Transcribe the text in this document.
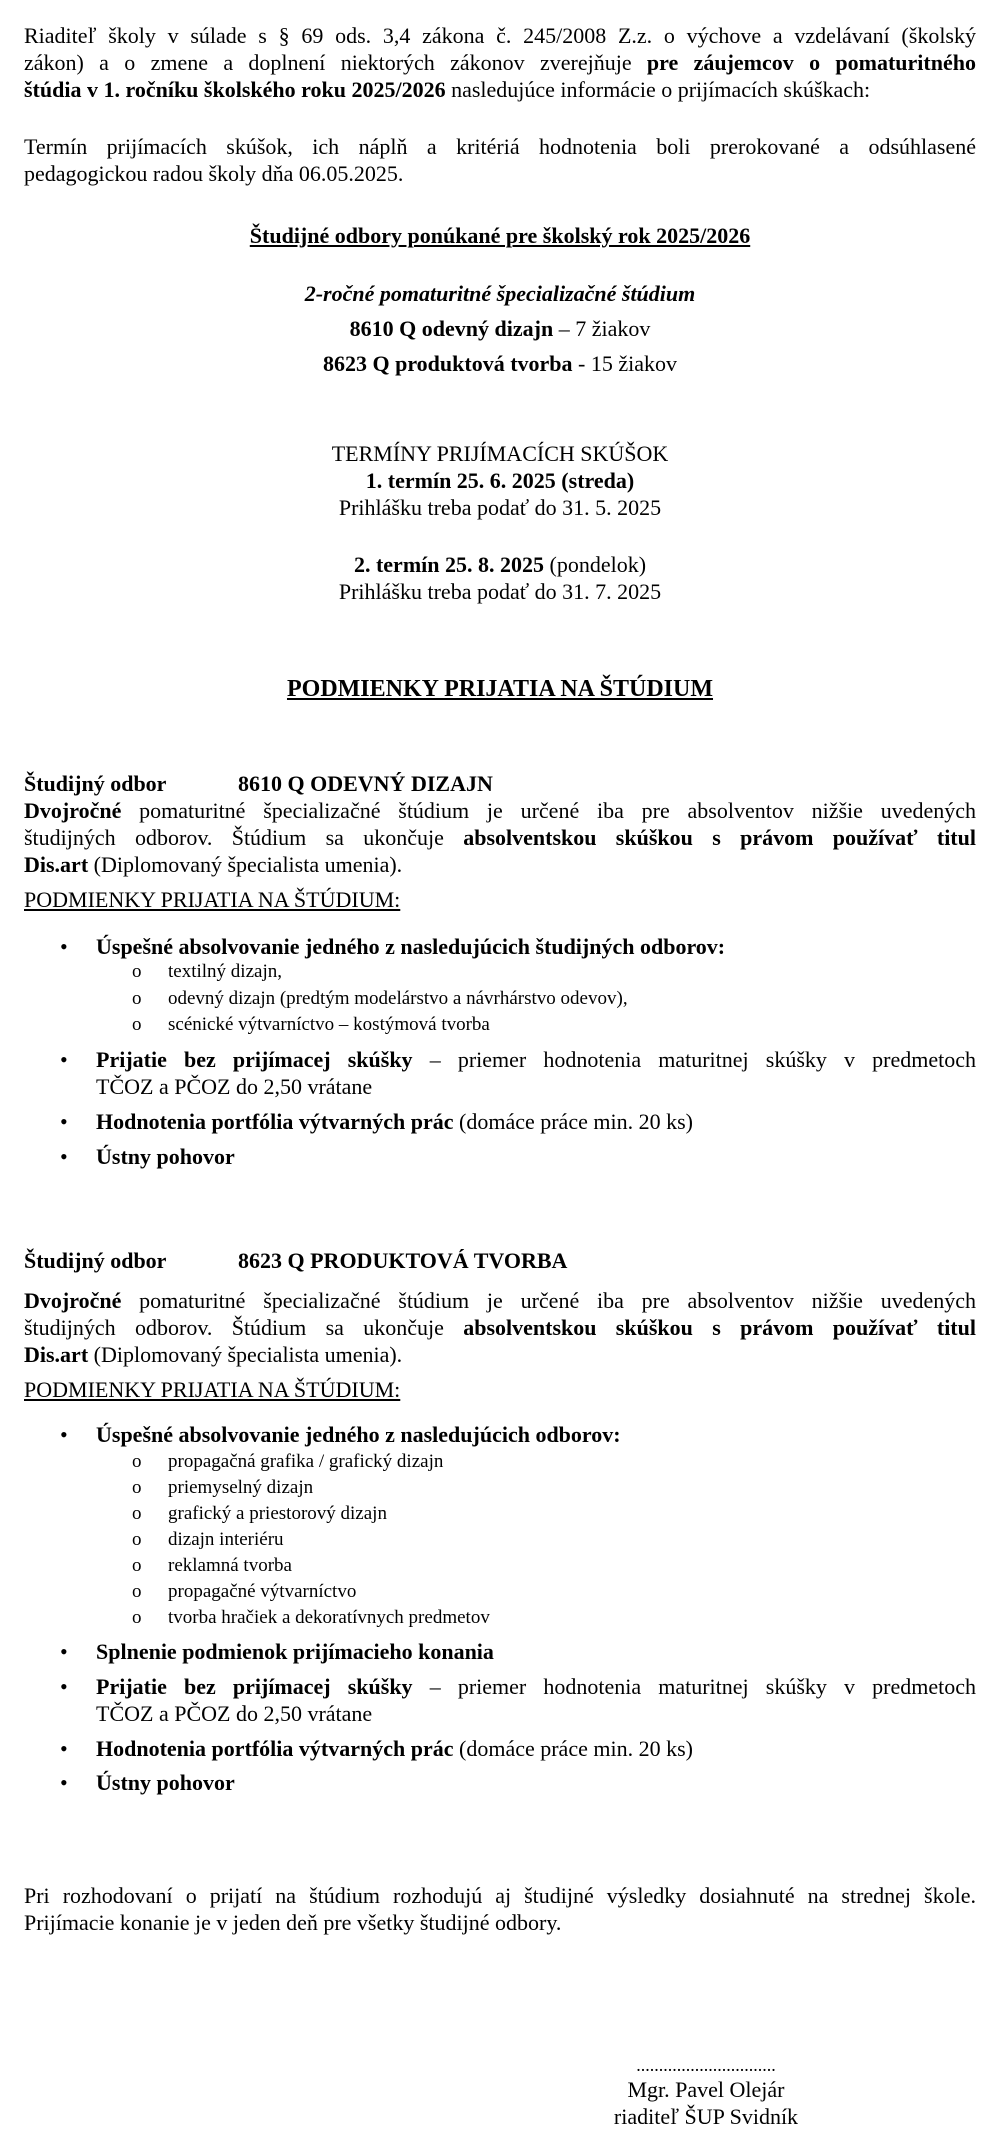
Riaditeľ školy v súlade s § 69 ods. 3,4 zákona č. 245/2008 Z.z. o výchove a vzdelávaní (školský
zákon) a o zmene a doplnení niektorých zákonov zverejňuje pre záujemcov o pomaturitného
štúdia v 1. ročníku školského roku 2025/2026 nasledujúce informácie o prijímacích skúškach:
Termín prijímacích skúšok, ich náplň a kritériá hodnotenia boli prerokované a odsúhlasené
pedagogickou radou školy dňa 06.05.2025.
Študijné odbory ponúkané pre školský rok 2025/2026
2-ročné pomaturitné špecializačné štúdium
8610 Q odevný dizajn – 7 žiakov
8623 Q produktová tvorba - 15 žiakov
TERMÍNY PRIJÍMACÍCH SKÚŠOK
1. termín 25. 6. 2025 (streda)
Prihlášku treba podať do 31. 5. 2025
2. termín 25. 8. 2025 (pondelok)
Prihlášku treba podať do 31. 7. 2025
PODMIENKY PRIJATIA NA ŠTÚDIUM
Študijný odbor	8610 Q ODEVNÝ DIZAJN
Dvojročné pomaturitné špecializačné štúdium je určené iba pre absolventov nižšie uvedených
študijných odborov. Štúdium sa ukončuje absolventskou skúškou s právom používať titul
Dis.art (Diplomovaný špecialista umenia).
PODMIENKY PRIJATIA NA ŠTÚDIUM:
• Úspešné absolvovanie jedného z nasledujúcich študijných odborov:
o textilný dizajn,
o odevný dizajn (predtým modelárstvo a návrhárstvo odevov),
o scénické výtvarníctvo – kostýmová tvorba
• Prijatie bez prijímacej skúšky – priemer hodnotenia maturitnej skúšky v predmetoch
TČOZ a PČOZ do 2,50 vrátane
• Hodnotenia portfólia výtvarných prác (domáce práce min. 20 ks)
• Ústny pohovor
Študijný odbor	8623 Q PRODUKTOVÁ TVORBA
Dvojročné pomaturitné špecializačné štúdium je určené iba pre absolventov nižšie uvedených
študijných odborov. Štúdium sa ukončuje absolventskou skúškou s právom používať titul
Dis.art (Diplomovaný špecialista umenia).
PODMIENKY PRIJATIA NA ŠTÚDIUM:
• Úspešné absolvovanie jedného z nasledujúcich odborov:
o propagačná grafika / grafický dizajn
o priemyselný dizajn
o grafický a priestorový dizajn
o dizajn interiéru
o reklamná tvorba
o propagačné výtvarníctvo
o tvorba hračiek a dekoratívnych predmetov
• Splnenie podmienok prijímacieho konania
• Prijatie bez prijímacej skúšky – priemer hodnotenia maturitnej skúšky v predmetoch
TČOZ a PČOZ do 2,50 vrátane
• Hodnotenia portfólia výtvarných prác (domáce práce min. 20 ks)
• Ústny pohovor
Pri rozhodovaní o prijatí na štúdium rozhodujú aj študijné výsledky dosiahnuté na strednej škole.
Prijímacie konanie je v jeden deň pre všetky študijné odbory.
...............................
Mgr. Pavel Olejár
riaditeľ ŠUP Svidník
